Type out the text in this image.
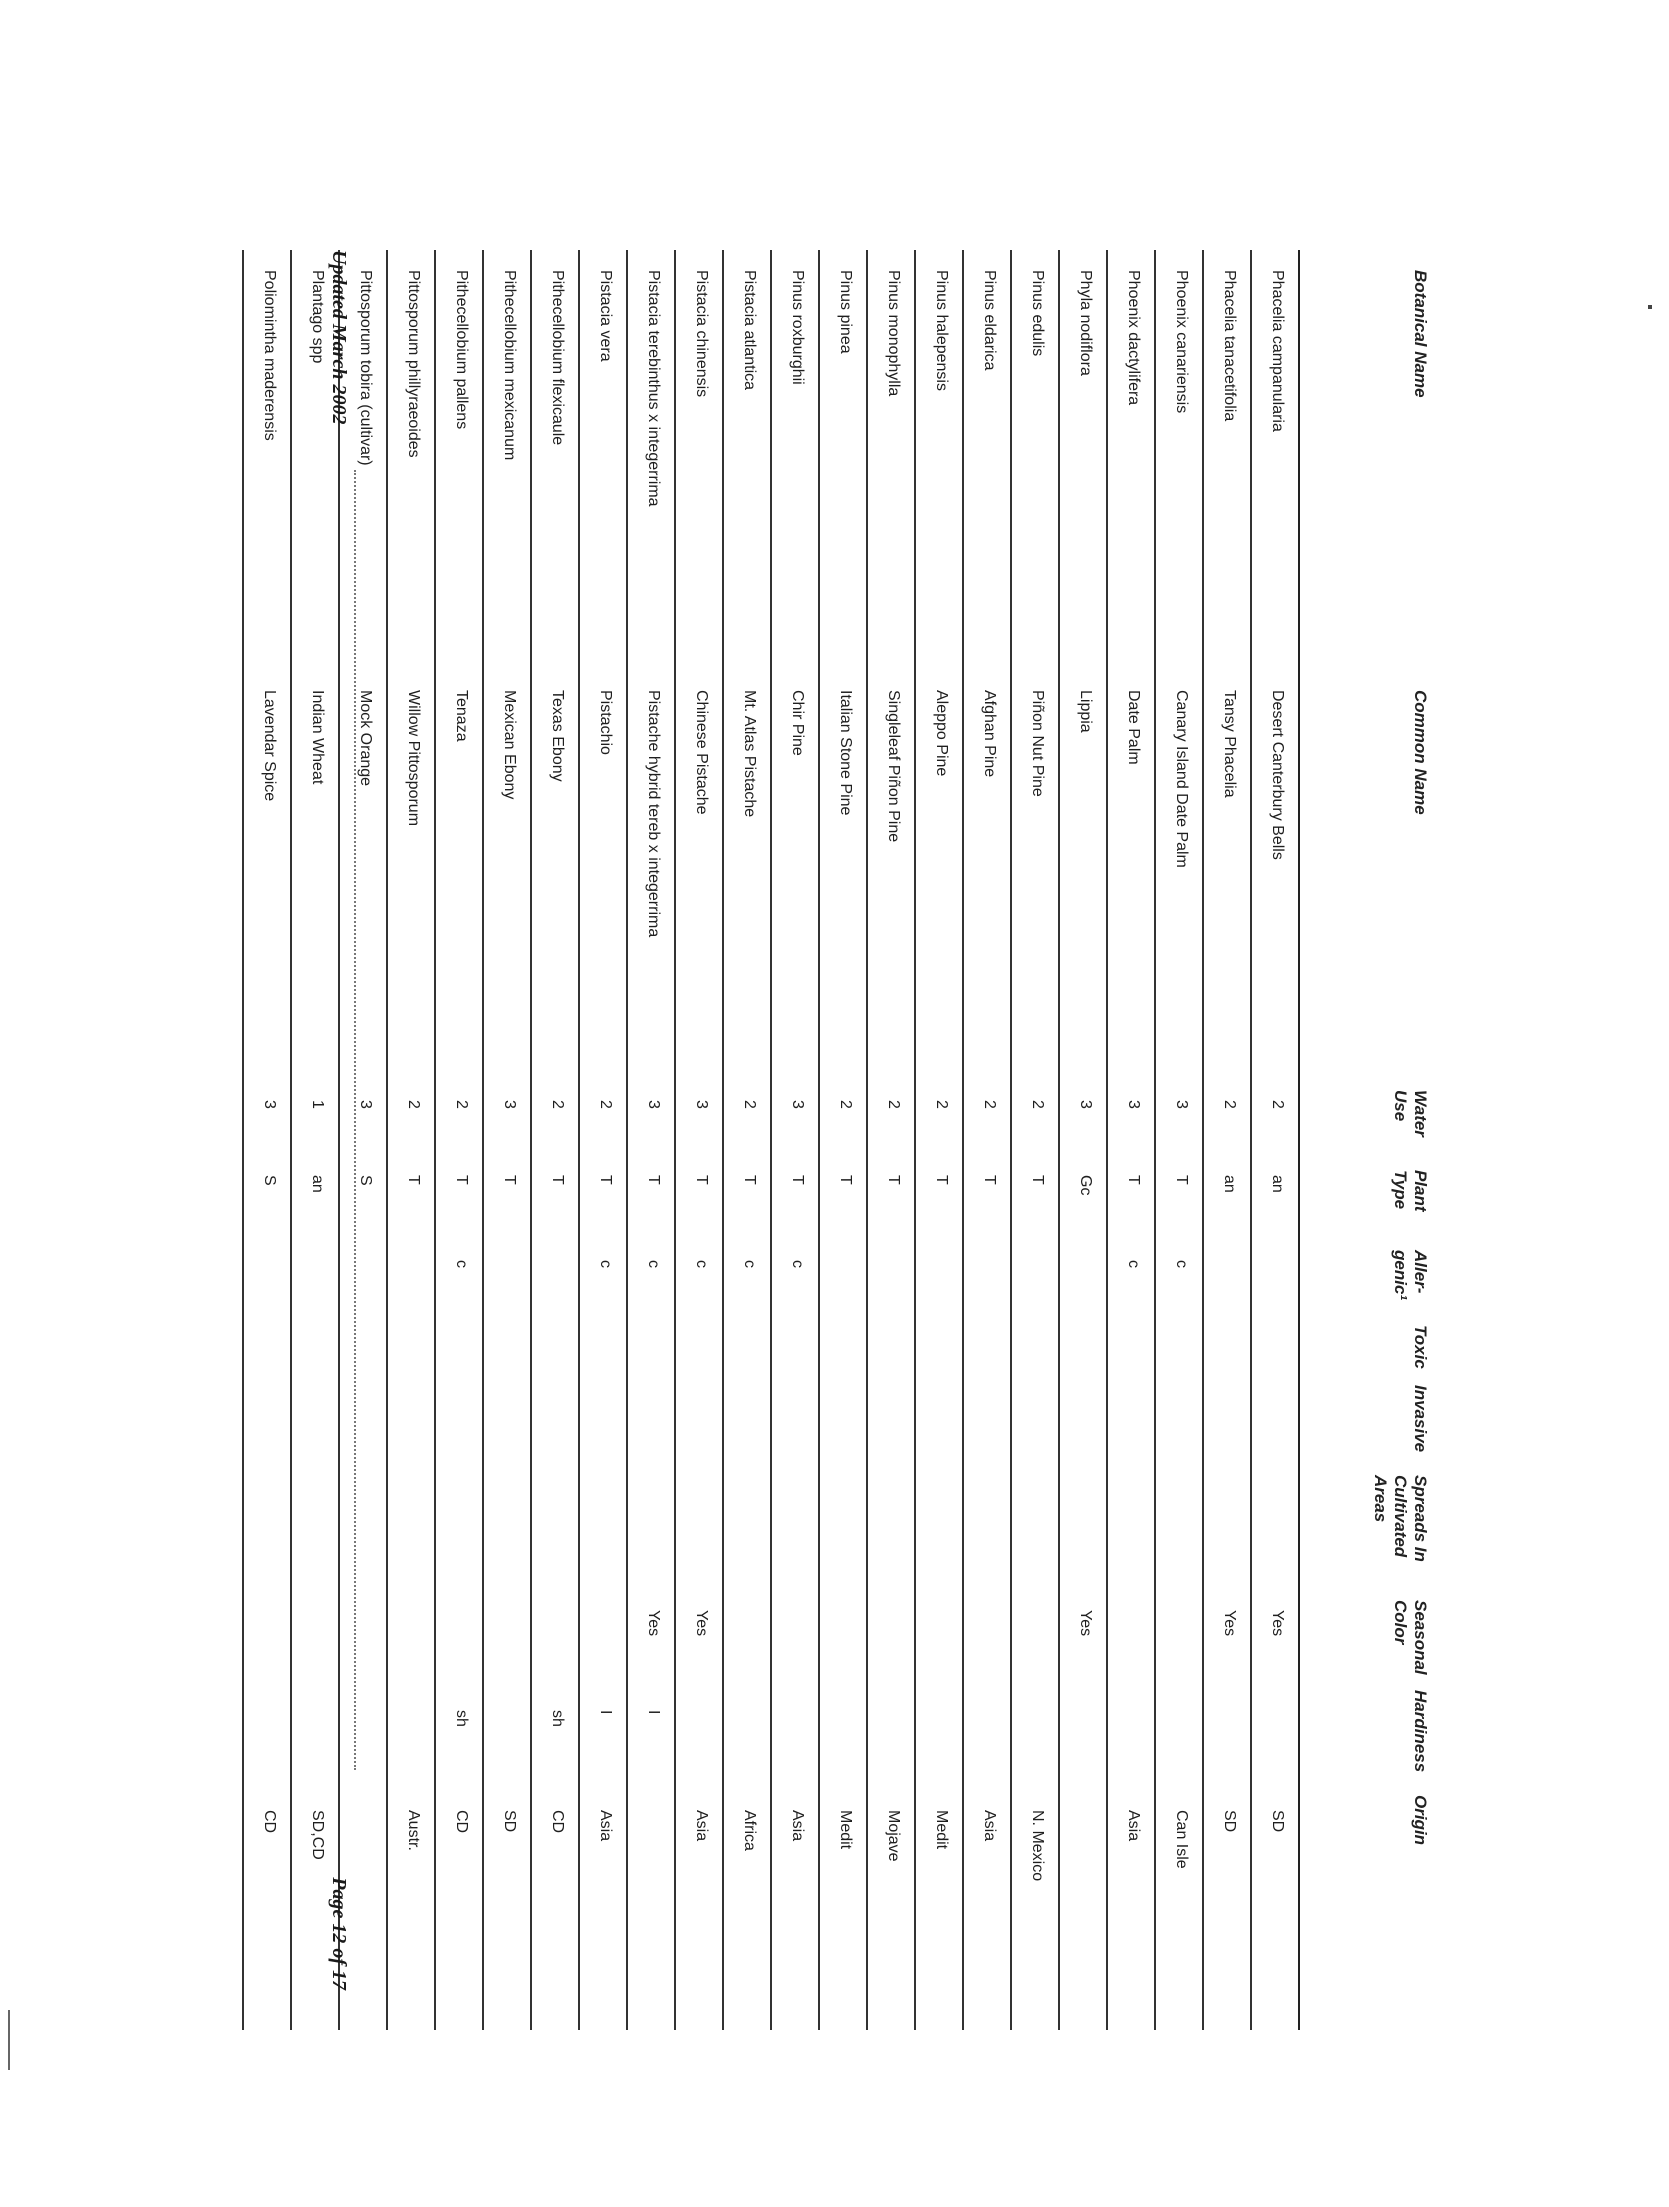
Botanical Name
Common Name
Water Use
Plant Type
Aller- genic¹
Toxic
Invasive
Spreads In Cultivated Areas
Seasonal Color
Hardiness
Origin
Phacelia campanularia
Desert Canterbury Bells
2
an
Yes
SD
Phacelia tanacetifolia
Tansy Phacelia
2
an
Yes
SD
Phoenix canariensis
Canary Island Date Palm
3
T
c
Can Isle
Phoenix dactylifera
Date Palm
3
T
c
Asia
Phyla nodiflora
Lippia
3
Gc
Yes
Pinus edulis
Piñon Nut Pine
2
T
N. Mexico
Pinus eldarica
Afghan Pine
2
T
Asia
Pinus halepensis
Aleppo Pine
2
T
Medit
Pinus monophylla
Singleleaf Piñon Pine
2
T
Mojave
Pinus pinea
Italian Stone Pine
2
T
Medit
Pinus roxburghii
Chir Pine
3
T
c
Asia
Pistacia atlantica
Mt. Atlas Pistache
2
T
c
Africa
Pistacia chinensis
Chinese Pistache
3
T
c
Yes
Asia
Pistacia terebinthus x integerrima
Pistache hybrid tereb x integerrima
3
T
c
Yes
I
Pistacia vera
Pistachio
2
T
c
I
Asia
Pithecellobium flexicaule
Texas Ebony
2
T
sh
CD
Pithecellobium mexicanum
Mexican Ebony
3
T
SD
Pithecellobium pallens
Tenaza
2
T
c
sh
CD
Pittosporum phillyraeoides
Willow Pittosporum
2
T
Austr.
Pittosporum tobira (cultivar)
Mock Orange
3
S
Plantago spp
Indian Wheat
1
an
SD,CD
Poliomintha maderensis
Lavendar Spice
3
S
CD
Updated March 2002
Page 12 of 17
